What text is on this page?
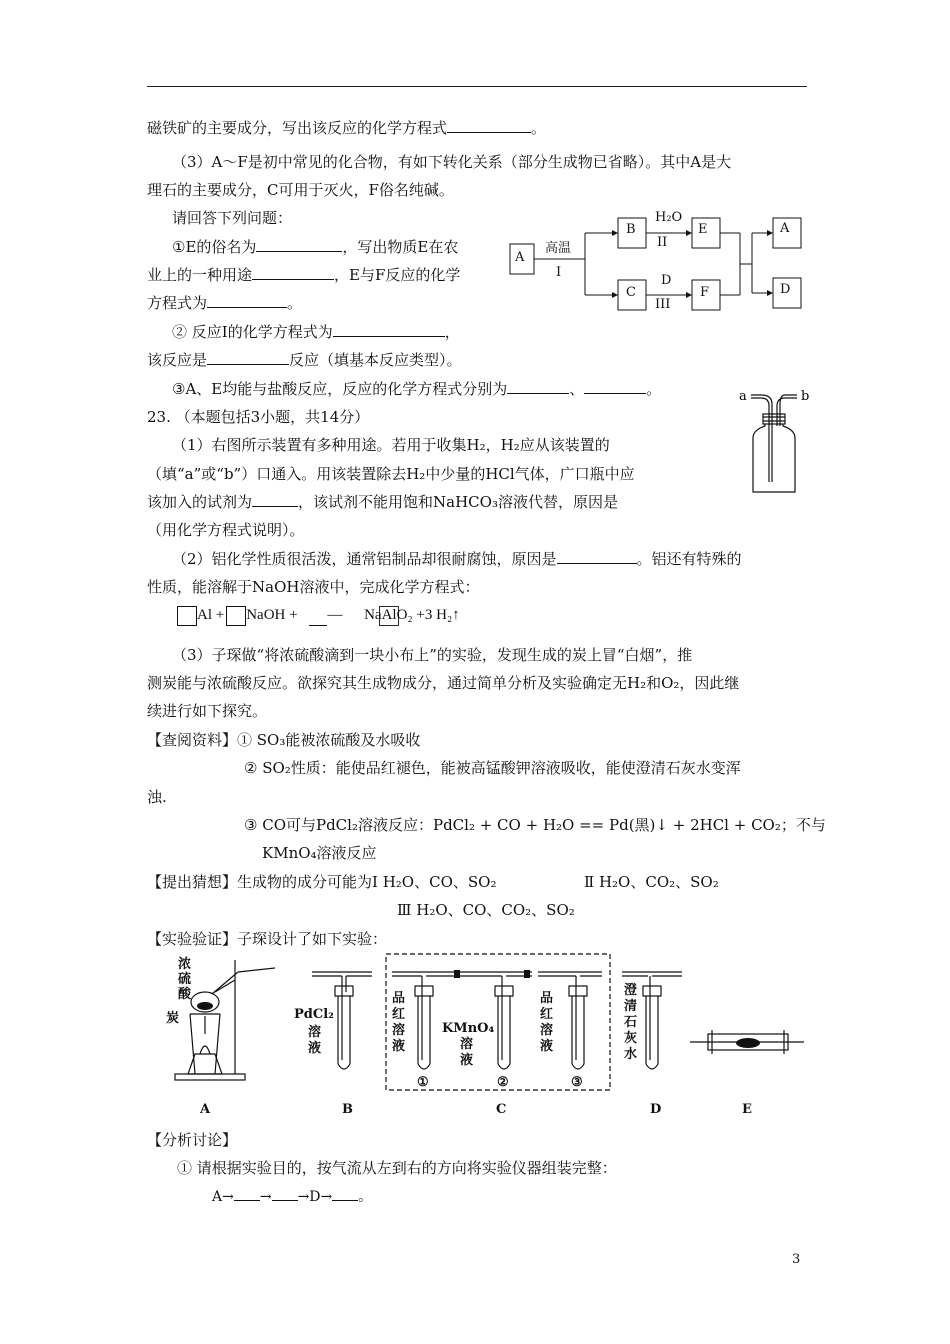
磁铁矿的主要成分，写出该反应的化学方程式	。
（3）A～F是初中常见的化合物，有如下转化关系（部分生成物已省略）。其中A是大
理石的主要成分，C可用于灭火，F俗名纯碱。
请回答下列问题：
①E的俗名为	，写出物质E在农
业上的一种用途	，E与F反应的化学
方程式为	。
② 反应Ⅰ的化学方程式为	，
该反应是	反应（填基本反应类型）。
③A、E均能与盐酸反应，反应的化学方程式分别为	、	。
A
B	E
C	F
A
D
高温
I
H₂O
II
D
III
23. （本题包括3小题，共14分）
（1）右图所示装置有多种用途。若用于收集H₂，H₂应从该装置的
（填“a”或“b”）口通入。用该装置除去H₂中少量的HCl气体，广口瓶中应
该加入的试剂为	，该试剂不能用饱和NaHCO₃溶液代替，原因是
（用化学方程式说明）。
a	b
（2）铝化学性质很活泼，通常铝制品却很耐腐蚀，原因是	。铝还有特殊的
性质，能溶解于NaOH溶液中，完成化学方程式：
Al + NaOH + — NaAlO₂ +3 H₂↑
（3）子琛做“将浓硫酸滴到一块小布上”的实验，发现生成的炭上冒“白烟”，推
测炭能与浓硫酸反应。欲探究其生成物成分，通过简单分析及实验确定无H₂和O₂，因此继
续进行如下探究。
【查阅资料】① SO₃能被浓硫酸及水吸收
② SO₂性质：能使品红褪色，能被高锰酸钾溶液吸收，能使澄清石灰水变浑
浊.
③ CO可与PdCl₂溶液反应：PdCl₂ + CO + H₂O == Pd(黑)↓ + 2HCl + CO₂；不与
KMnO₄溶液反应
【提出猜想】生成物的成分可能为Ⅰ H₂O、CO、SO₂	Ⅱ H₂O、CO₂、SO₂
Ⅲ H₂O、CO、CO₂、SO₂
【实验验证】子琛设计了如下实验：
浓
硫
酸
炭	PdCl₂
溶
液
品
红
溶
液
KMnO₄
溶
液
品
红
溶
液
澄
清
石
灰
水
①	②	③
A	B	C	D	E
【分析讨论】
① 请根据实验目的，按气流从左到右的方向将实验仪器组装完整：
A→ → →D→ 。
3
